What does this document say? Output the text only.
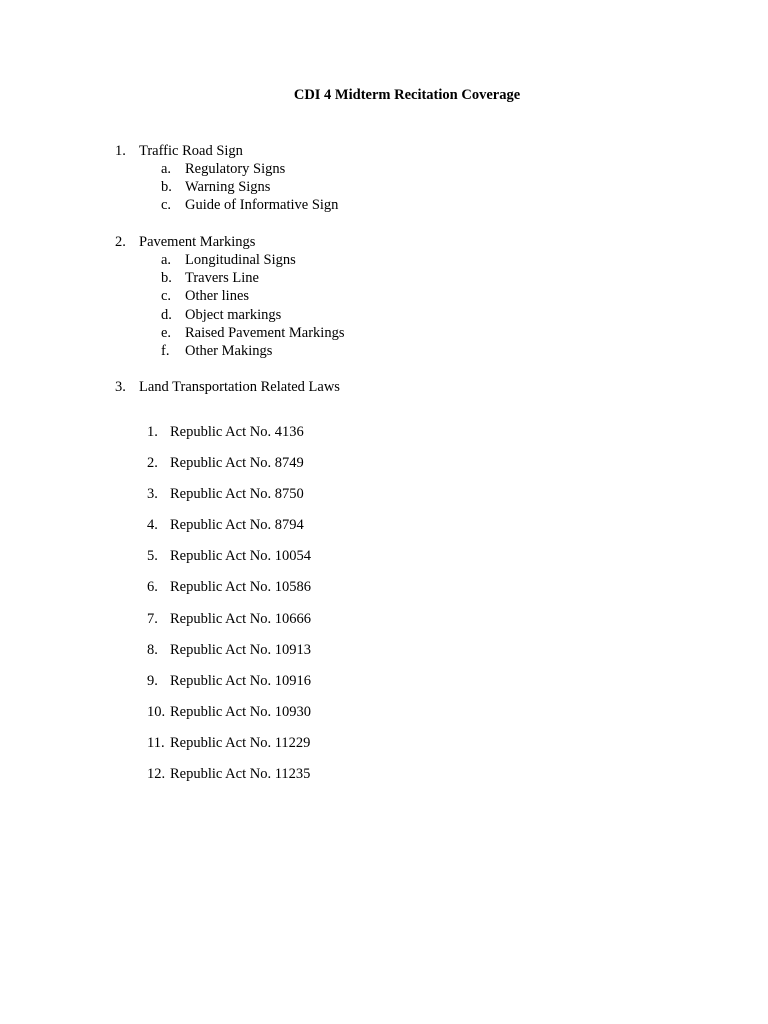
CDI 4 Midterm Recitation Coverage
1. Traffic Road Sign
a. Regulatory Signs
b. Warning Signs
c. Guide of Informative Sign
2. Pavement Markings
a. Longitudinal Signs
b. Travers Line
c. Other lines
d. Object markings
e. Raised Pavement Markings
f. Other Makings
3. Land Transportation Related Laws
1. Republic Act No. 4136
2. Republic Act No. 8749
3. Republic Act No. 8750
4. Republic Act No. 8794
5. Republic Act No. 10054
6. Republic Act No. 10586
7. Republic Act No. 10666
8. Republic Act No. 10913
9. Republic Act No. 10916
10. Republic Act No. 10930
11. Republic Act No. 11229
12. Republic Act No. 11235
